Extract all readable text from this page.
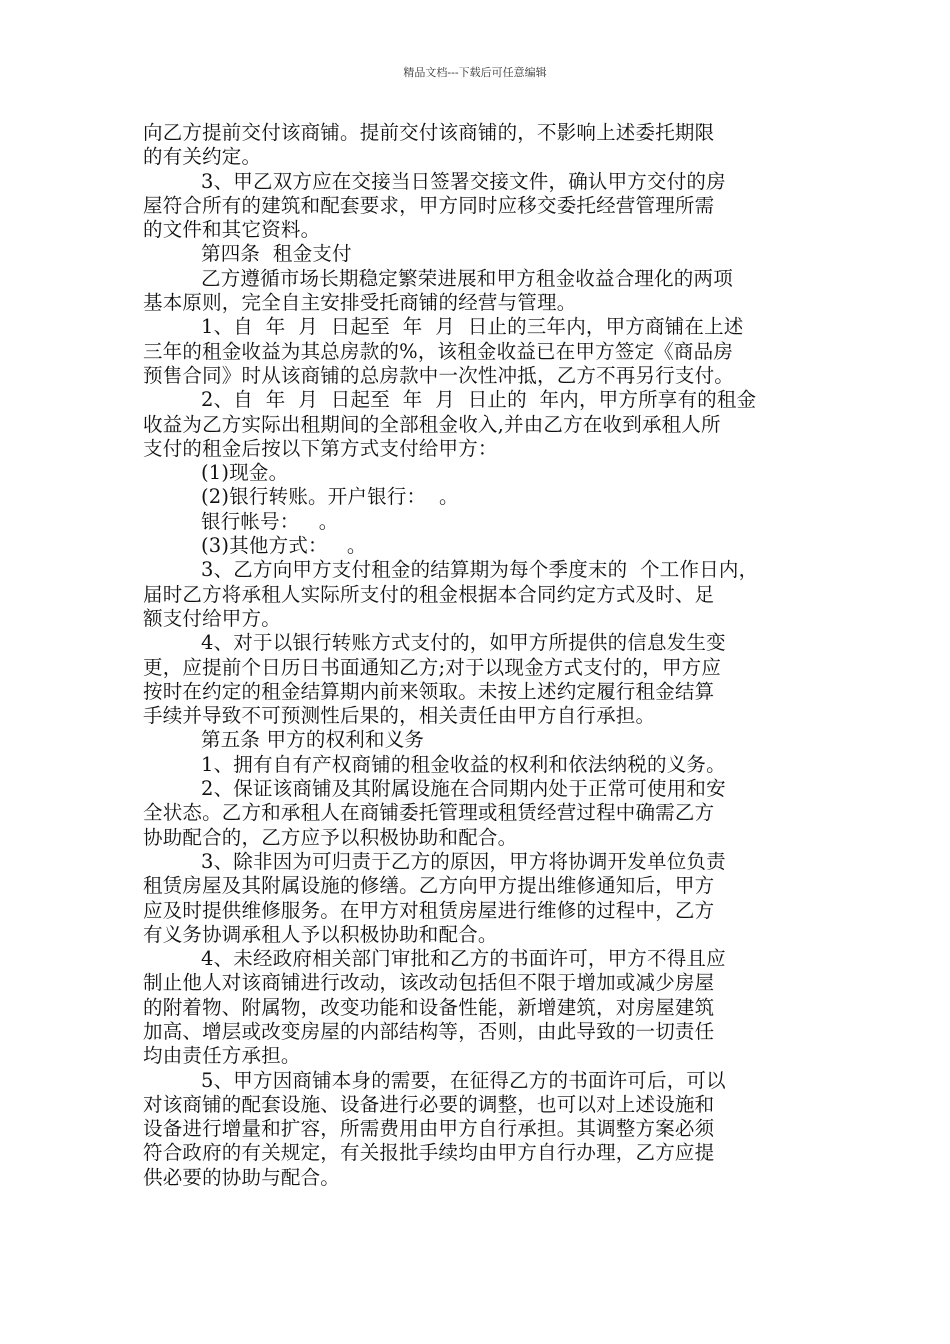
精品文档---下载后可任意编辑
向乙方提前交付该商铺。提前交付该商铺的，不影响上述委托期限
的有关约定。
3、甲乙双方应在交接当日签署交接文件，确认甲方交付的房
屋符合所有的建筑和配套要求，甲方同时应移交委托经营管理所需
的文件和其它资料。
第四条  租金支付
乙方遵循市场长期稳定繁荣进展和甲方租金收益合理化的两项
基本原则，完全自主安排受托商铺的经营与管理。
1、自  年  月  日起至  年  月  日止的三年内，甲方商铺在上述
三年的租金收益为其总房款的%，该租金收益已在甲方签定《商品房
预售合同》时从该商铺的总房款中一次性冲抵，乙方不再另行支付。
2、自  年  月  日起至  年  月  日止的  年内，甲方所享有的租金
收益为乙方实际出租期间的全部租金收入,并由乙方在收到承租人所
支付的租金后按以下第方式支付给甲方：
(1)现金。
(2)银行转账。开户银行：  。
银行帐号：   。
(3)其他方式：   。
3、乙方向甲方支付租金的结算期为每个季度末的  个工作日内，
届时乙方将承租人实际所支付的租金根据本合同约定方式及时、足
额支付给甲方。
4、对于以银行转账方式支付的，如甲方所提供的信息发生变
更，应提前个日历日书面通知乙方;对于以现金方式支付的，甲方应
按时在约定的租金结算期内前来领取。未按上述约定履行租金结算
手续并导致不可预测性后果的，相关责任由甲方自行承担。
第五条 甲方的权利和义务
1、拥有自有产权商铺的租金收益的权利和依法纳税的义务。
2、保证该商铺及其附属设施在合同期内处于正常可使用和安
全状态。乙方和承租人在商铺委托管理或租赁经营过程中确需乙方
协助配合的，乙方应予以积极协助和配合。
3、除非因为可归责于乙方的原因，甲方将协调开发单位负责
租赁房屋及其附属设施的修缮。乙方向甲方提出维修通知后，甲方
应及时提供维修服务。在甲方对租赁房屋进行维修的过程中，乙方
有义务协调承租人予以积极协助和配合。
4、未经政府相关部门审批和乙方的书面许可，甲方不得且应
制止他人对该商铺进行改动，该改动包括但不限于增加或减少房屋
的附着物、附属物，改变功能和设备性能，新增建筑，对房屋建筑
加高、增层或改变房屋的内部结构等，否则，由此导致的一切责任
均由责任方承担。
5、甲方因商铺本身的需要，在征得乙方的书面许可后，可以
对该商铺的配套设施、设备进行必要的调整，也可以对上述设施和
设备进行增量和扩容，所需费用由甲方自行承担。其调整方案必须
符合政府的有关规定，有关报批手续均由甲方自行办理，乙方应提
供必要的协助与配合。
